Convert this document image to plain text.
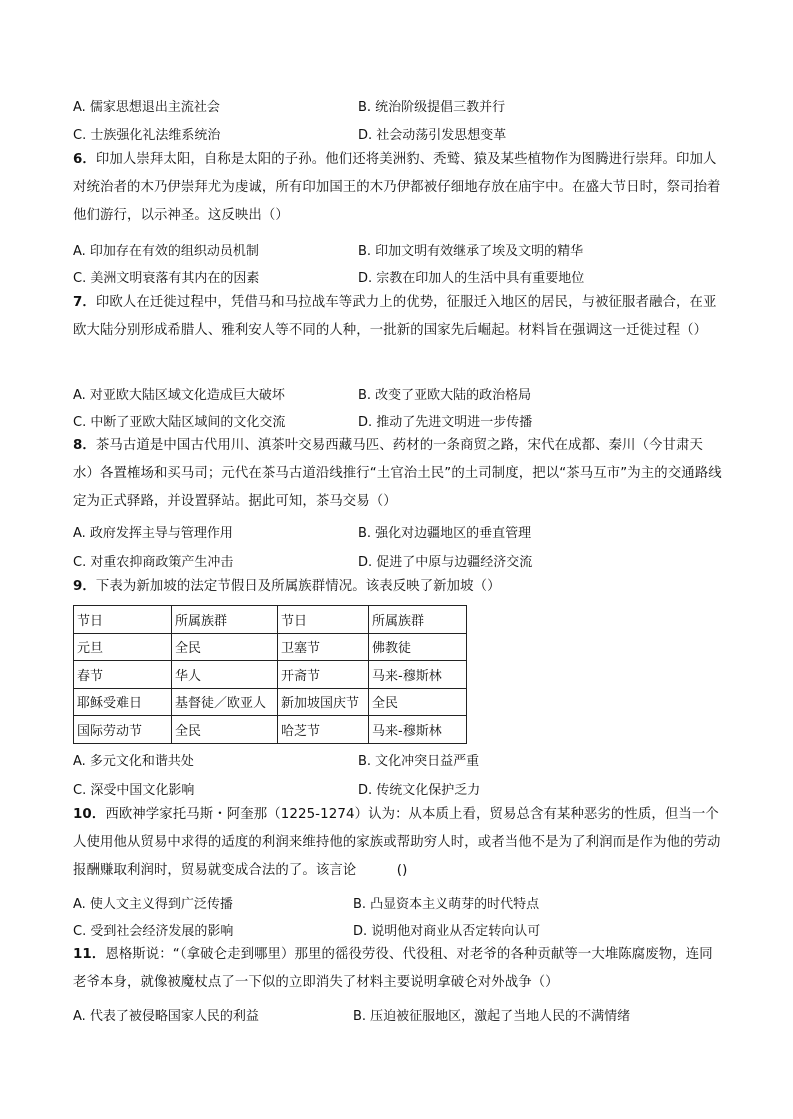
A. 儒家思想退出主流社会	B. 统治阶级提倡三教并行
C. 士族强化礼法维系统治	D. 社会动荡引发思想变革
6．印加人崇拜太阳，自称是太阳的子孙。他们还将美洲豹、秃鹫、猿及某些植物作为图腾进行崇拜。印加人对统治者的木乃伊崇拜尤为虔诚，所有印加国王的木乃伊都被仔细地存放在庙宇中。在盛大节日时，祭司抬着他们游行，以示神圣。这反映出（）
A. 印加存在有效的组织动员机制	B. 印加文明有效继承了埃及文明的精华
C. 美洲文明衰落有其内在的因素	D. 宗教在印加人的生活中具有重要地位
7．印欧人在迁徙过程中，凭借马和马拉战车等武力上的优势，征服迁入地区的居民，与被征服者融合，在亚欧大陆分别形成希腊人、雅利安人等不同的人种，一批新的国家先后崛起。材料旨在强调这一迁徙过程（）
A. 对亚欧大陆区域文化造成巨大破坏	B. 改变了亚欧大陆的政治格局
C. 中断了亚欧大陆区域间的文化交流	D. 推动了先进文明进一步传播
8．茶马古道是中国古代用川、滇茶叶交易西藏马匹、药材的一条商贸之路，宋代在成都、秦川（今甘肃天水）各置榷场和买马司；元代在茶马古道沿线推行“土官治土民”的土司制度，把以“茶马互市”为主的交通路线定为正式驿路，并设置驿站。据此可知，茶马交易（）
A. 政府发挥主导与管理作用	B. 强化对边疆地区的垂直管理
C. 对重农抑商政策产生冲击	D. 促进了中原与边疆经济交流
9．下表为新加坡的法定节假日及所属族群情况。该表反映了新加坡（）
节日	所属族群	节日	所属族群
元旦	全民	卫塞节	佛教徒
春节	华人	开斋节	马来-穆斯林
耶稣受难日	基督徒／欧亚人	新加坡国庆节	全民
国际劳动节	全民	哈芝节	马来-穆斯林
A. 多元文化和谐共处	B. 文化冲突日益严重
C. 深受中国文化影响	D. 传统文化保护乏力
10．西欧神学家托马斯・阿奎那（1225-1274）认为：从本质上看，贸易总含有某种恶劣的性质，但当一个人使用他从贸易中求得的适度的利润来维持他的家族或帮助穷人时，或者当他不是为了利润而是作为他的劳动报酬赚取利润时，贸易就变成合法的了。该言论　　　()
A. 使人文主义得到广泛传播	B. 凸显资本主义萌芽的时代特点
C. 受到社会经济发展的影响	D. 说明他对商业从否定转向认可
11．恩格斯说：“（拿破仑走到哪里）那里的徭役劳役、代役租、对老爷的各种贡献等一大堆陈腐废物，连同老爷本身，就像被魔杖点了一下似的立即消失了材料主要说明拿破仑对外战争（）
A. 代表了被侵略国家人民的利益	B. 压迫被征服地区，激起了当地人民的不满情绪
